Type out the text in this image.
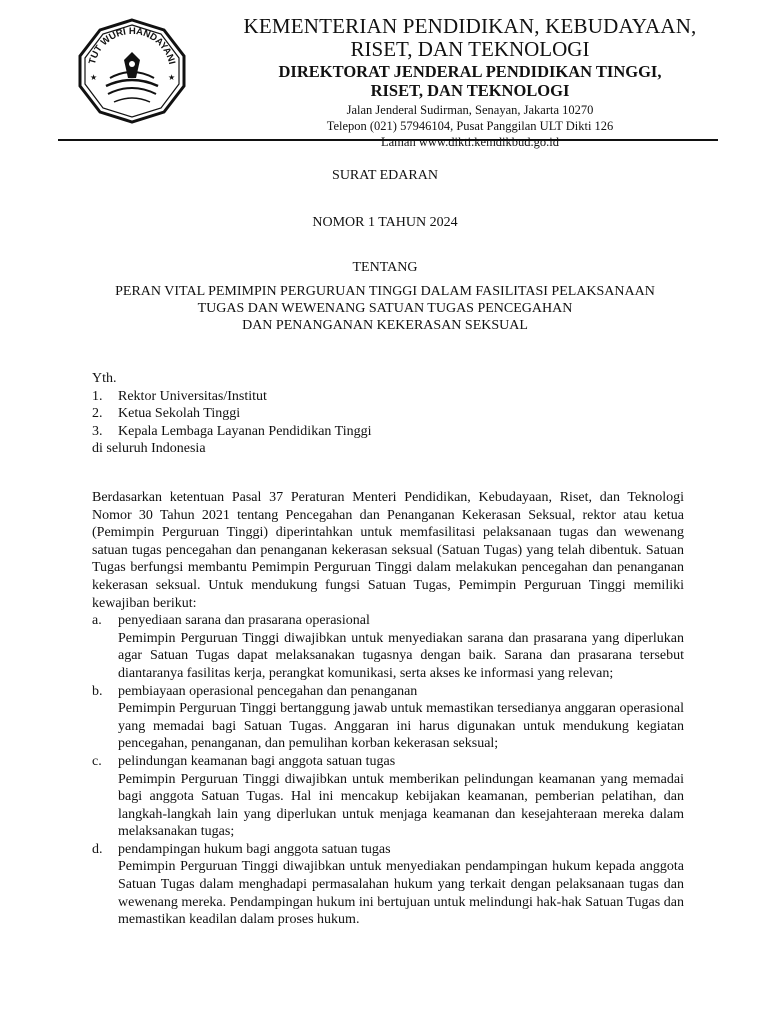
TUT WURI HANDAYANI
★	★
KEMENTERIAN PENDIDIKAN, KEBUDAYAAN,
RISET, DAN TEKNOLOGI
DIREKTORAT JENDERAL PENDIDIKAN TINGGI,
RISET, DAN TEKNOLOGI
Jalan Jenderal Sudirman, Senayan, Jakarta 10270
Telepon (021) 57946104, Pusat Panggilan ULT Dikti 126
Laman www.dikti.kemdikbud.go.id
SURAT EDARAN
NOMOR 1 TAHUN 2024
TENTANG
PERAN VITAL PEMIMPIN PERGURUAN TINGGI DALAM FASILITASI PELAKSANAAN
TUGAS DAN WEWENANG SATUAN TUGAS PENCEGAHAN
DAN PENANGANAN KEKERASAN SEKSUAL
Yth.
1.	Rektor Universitas/Institut
2.	Ketua Sekolah Tinggi
3.	Kepala Lembaga Layanan Pendidikan Tinggi
di seluruh Indonesia
Berdasarkan ketentuan Pasal 37 Peraturan Menteri Pendidikan, Kebudayaan, Riset, dan Teknologi Nomor 30 Tahun 2021 tentang Pencegahan dan Penanganan Kekerasan Seksual, rektor atau ketua (Pemimpin Perguruan Tinggi) diperintahkan untuk memfasilitasi pelaksanaan tugas dan wewenang satuan tugas pencegahan dan penanganan kekerasan seksual (Satuan Tugas) yang telah dibentuk. Satuan Tugas berfungsi membantu Pemimpin Perguruan Tinggi dalam melakukan pencegahan dan penanganan kekerasan seksual. Untuk mendukung fungsi Satuan Tugas, Pemimpin Perguruan Tinggi memiliki kewajiban berikut:
a.	penyediaan sarana dan prasarana operasional
Pemimpin Perguruan Tinggi diwajibkan untuk menyediakan sarana dan prasarana yang diperlukan agar Satuan Tugas dapat melaksanakan tugasnya dengan baik. Sarana dan prasarana tersebut diantaranya fasilitas kerja, perangkat komunikasi, serta akses ke informasi yang relevan;
b.	pembiayaan operasional pencegahan dan penanganan
Pemimpin Perguruan Tinggi bertanggung jawab untuk memastikan tersedianya anggaran operasional yang memadai bagi Satuan Tugas. Anggaran ini harus digunakan untuk mendukung kegiatan pencegahan, penanganan, dan pemulihan korban kekerasan seksual;
c.	pelindungan keamanan bagi anggota satuan tugas
Pemimpin Perguruan Tinggi diwajibkan untuk memberikan pelindungan keamanan yang memadai bagi anggota Satuan Tugas. Hal ini mencakup kebijakan keamanan, pemberian pelatihan, dan langkah-langkah lain yang diperlukan untuk menjaga keamanan dan kesejahteraan mereka dalam melaksanakan tugas;
d.	pendampingan hukum bagi anggota satuan tugas
Pemimpin Perguruan Tinggi diwajibkan untuk menyediakan pendampingan hukum kepada anggota Satuan Tugas dalam menghadapi permasalahan hukum yang terkait dengan pelaksanaan tugas dan wewenang mereka. Pendampingan hukum ini bertujuan untuk melindungi hak-hak Satuan Tugas dan memastikan keadilan dalam proses hukum.
